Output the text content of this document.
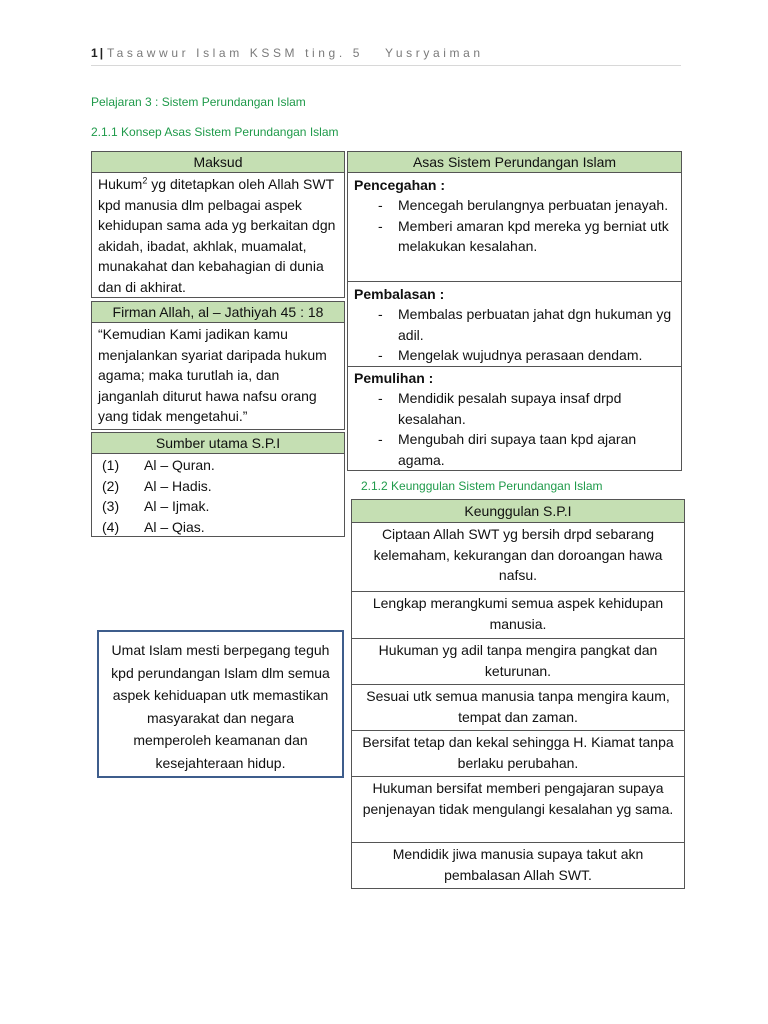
1 | Tasawwur Islam KSSM ting. 5 Yusryaiman
Pelajaran 3 : Sistem Perundangan Islam
2.1.1 Konsep Asas Sistem Perundangan Islam
Maksud
Hukum$^2$ yg ditetapkan oleh Allah SWT kpd manusia dlm pelbagai aspek kehidupan sama ada yg berkaitan dgn akidah, ibadat, akhlak, muamalat, munakahat dan kebahagian di dunia dan di akhirat.
Firman Allah, al – Jathiyah 45 : 18
“Kemudian Kami jadikan kamu menjalankan syariat daripada hukum agama; maka turutlah ia, dan janganlah diturut hawa nafsu orang yang tidak mengetahui.”
Sumber utama S.P.I
(1) Al – Quran.
(2) Al – Hadis.
(3) Al – Ijmak.
(4) Al – Qias.
Asas Sistem Perundangan Islam
Pencegahan :
- Mencegah berulangnya perbuatan jenayah.
- Memberi amaran kpd mereka yg berniat utk melakukan kesalahan.
Pembalasan :
- Membalas perbuatan jahat dgn hukuman yg adil.
- Mengelak wujudnya perasaan dendam.
Pemulihan :
- Mendidik pesalah supaya insaf drpd kesalahan.
- Mengubah diri supaya taan kpd ajaran agama.
2.1.2 Keunggulan Sistem Perundangan Islam
Keunggulan S.P.I
Ciptaan Allah SWT yg bersih drpd sebarang kelemaham, kekurangan dan doroangan hawa nafsu.
Lengkap merangkumi semua aspek kehidupan manusia.
Hukuman yg adil tanpa mengira pangkat dan keturunan.
Sesuai utk semua manusia tanpa mengira kaum, tempat dan zaman.
Bersifat tetap dan kekal sehingga H. Kiamat tanpa berlaku perubahan.
Hukuman bersifat memberi pengajaran supaya penjenayan tidak mengulangi kesalahan yg sama.
Mendidik jiwa manusia supaya takut akn pembalasan Allah SWT.
Umat Islam mesti berpegang teguh kpd perundangan Islam dlm semua aspek kehiduapan utk memastikan masyarakat dan negara memperoleh keamanan dan kesejahteraan hidup.
